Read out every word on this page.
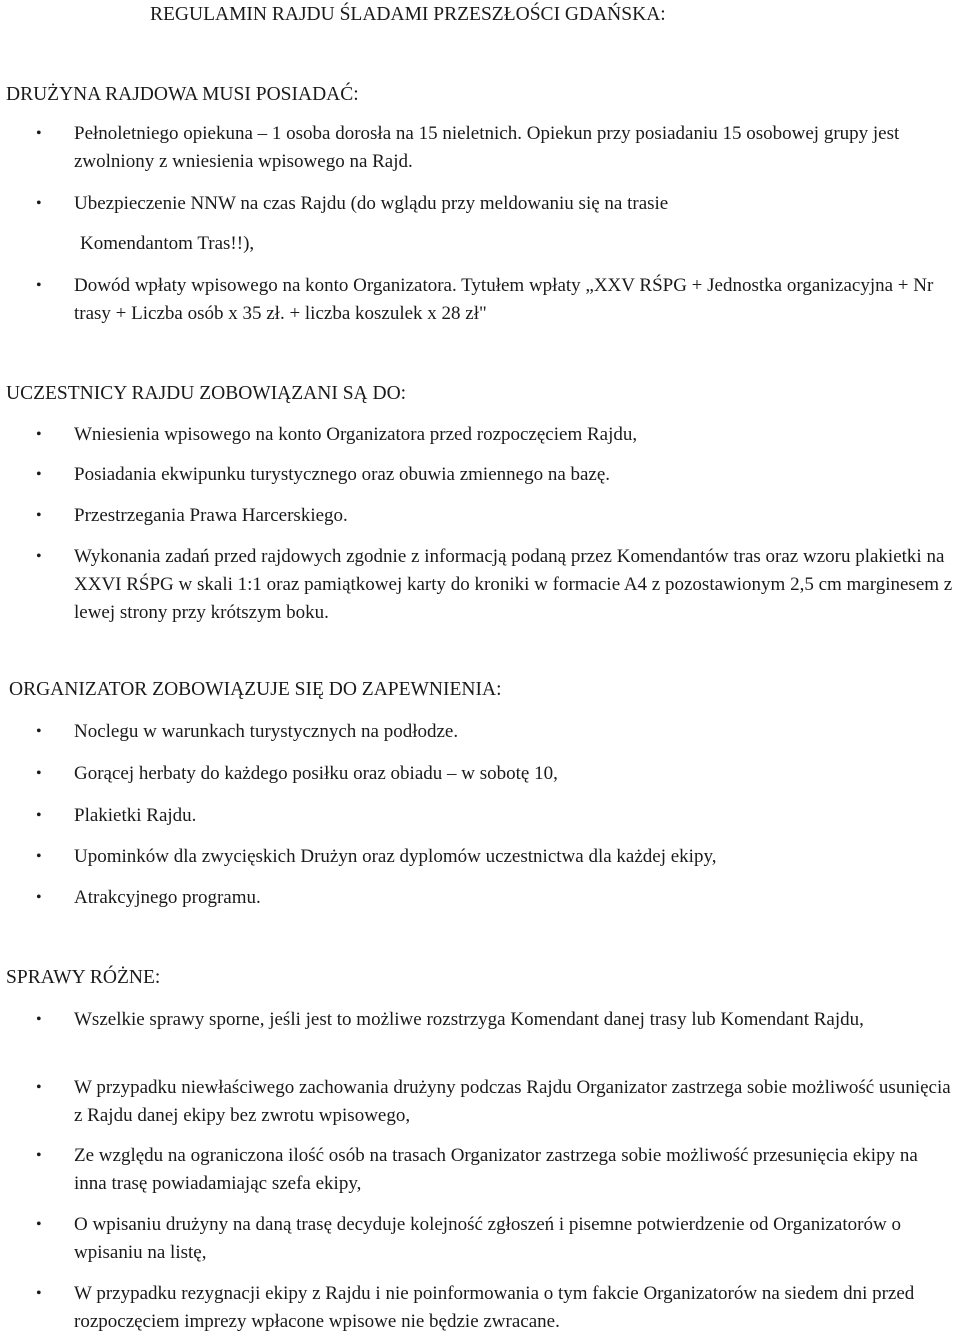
REGULAMIN RAJDU ŚLADAMI PRZESZŁOŚCI GDAŃSKA:
DRUŻYNA RAJDOWA MUSI POSIADAĆ:
• Pełnoletniego opiekuna – 1 osoba dorosła na 15 nieletnich. Opiekun przy posiadaniu 15 osobowej grupy jest zwolniony z wniesienia wpisowego na Rajd.
• Ubezpieczenie NNW na czas Rajdu (do wglądu przy meldowaniu się na trasie
Komendantom Tras!!),
• Dowód wpłaty wpisowego na konto Organizatora. Tytułem wpłaty „XXV RŚPG + Jednostka organizacyjna + Nr trasy + Liczba osób x 35 zł. + liczba koszulek x 28 zł"
UCZESTNICY RAJDU ZOBOWIĄZANI SĄ DO:
• Wniesienia wpisowego na konto Organizatora przed rozpoczęciem Rajdu,
• Posiadania ekwipunku turystycznego oraz obuwia zmiennego na bazę.
• Przestrzegania Prawa Harcerskiego.
• Wykonania zadań przed rajdowych zgodnie z informacją podaną przez Komendantów tras oraz wzoru plakietki na XXVI RŚPG w skali 1:1 oraz pamiątkowej karty do kroniki w formacie A4 z pozostawionym 2,5 cm marginesem z lewej strony przy krótszym boku.
ORGANIZATOR ZOBOWIĄZUJE SIĘ DO ZAPEWNIENIA:
• Noclegu w warunkach turystycznych na podłodze.
• Gorącej herbaty do każdego posiłku oraz obiadu – w sobotę 10,
• Plakietki Rajdu.
• Upominków dla zwycięskich Drużyn oraz dyplomów uczestnictwa dla każdej ekipy,
• Atrakcyjnego programu.
SPRAWY RÓŻNE:
• Wszelkie sprawy sporne, jeśli jest to możliwe rozstrzyga Komendant danej trasy lub Komendant Rajdu,
• W przypadku niewłaściwego zachowania drużyny podczas Rajdu Organizator zastrzega sobie możliwość usunięcia z Rajdu danej ekipy bez zwrotu wpisowego,
• Ze względu na ograniczona ilość osób na trasach Organizator zastrzega sobie możliwość przesunięcia ekipy na inna trasę powiadamiając szefa ekipy,
• O wpisaniu drużyny na daną trasę decyduje kolejność zgłoszeń i pisemne potwierdzenie od Organizatorów o wpisaniu na listę,
• W przypadku rezygnacji ekipy z Rajdu i nie poinformowania o tym fakcie Organizatorów na siedem dni przed rozpoczęciem imprezy wpłacone wpisowe nie będzie zwracane.
